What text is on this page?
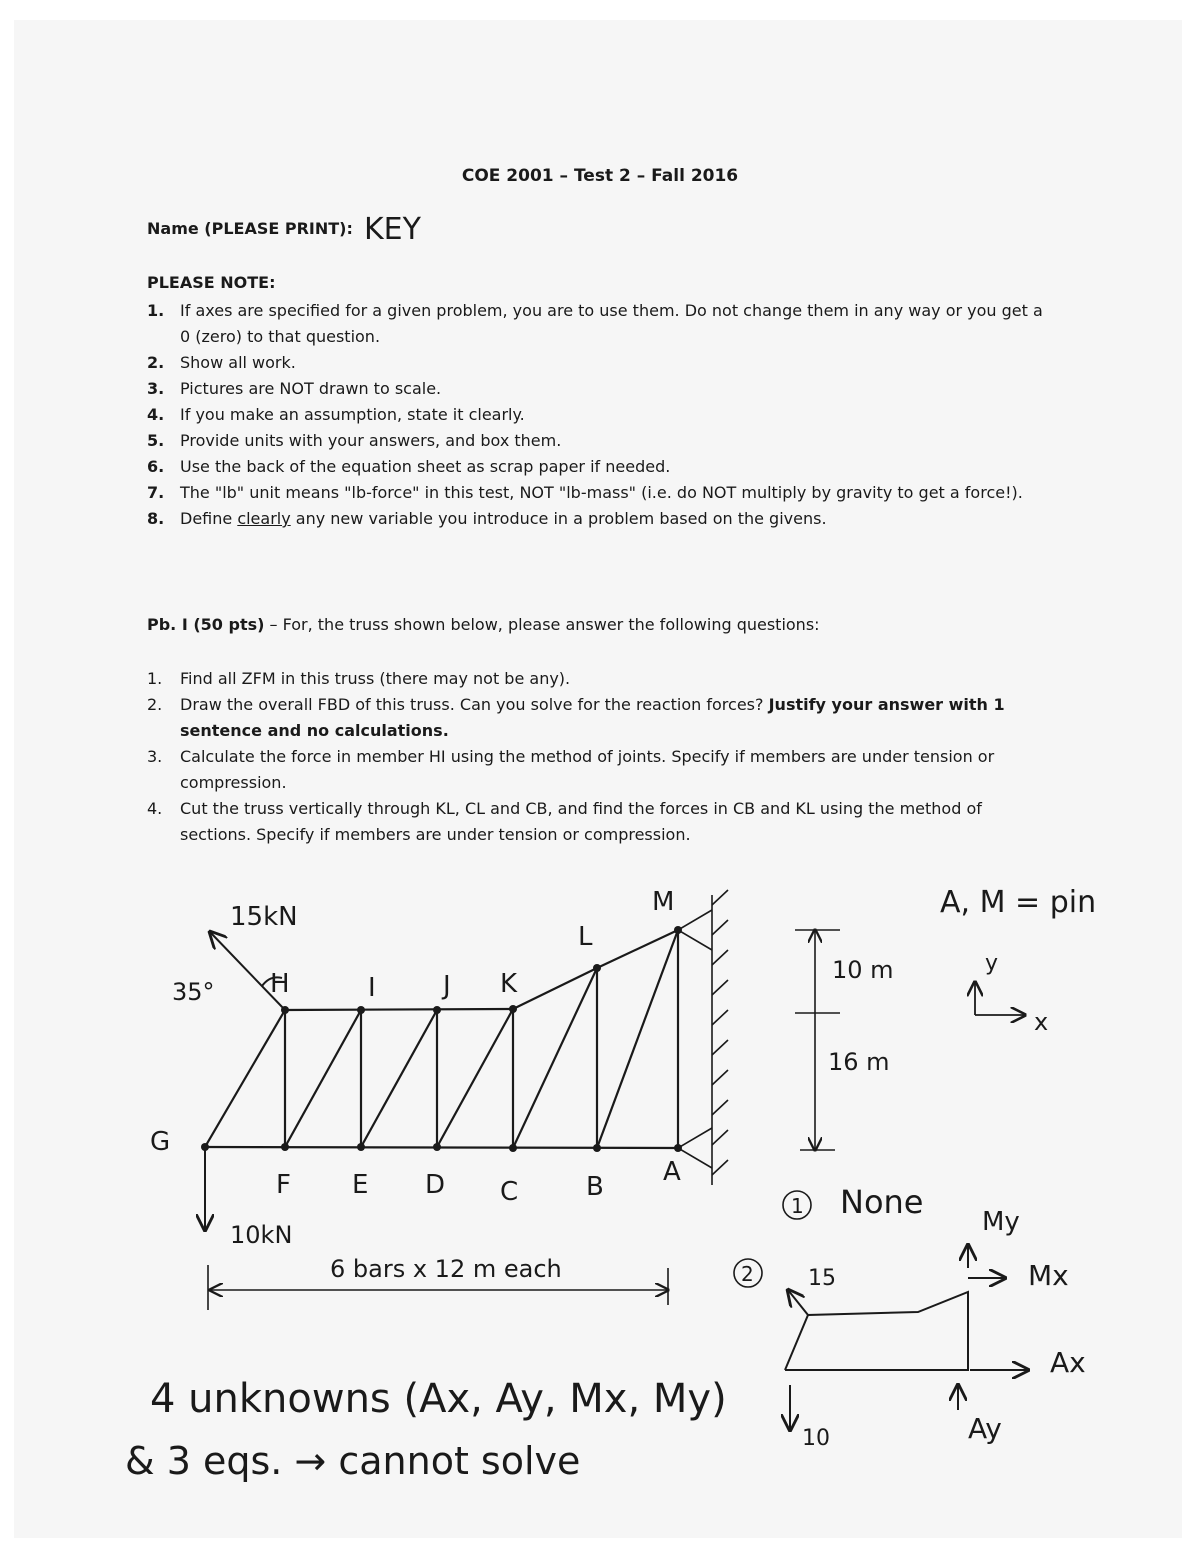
COE 2001 – Test 2 – Fall 2016
Name (PLEASE PRINT): KEY
PLEASE NOTE:
1. If axes are specified for a given problem, you are to use them. Do not change them in any way or you get a 0 (zero) to that question.
2. Show all work.
3. Pictures are NOT drawn to scale.
4. If you make an assumption, state it clearly.
5. Provide units with your answers, and box them.
6. Use the back of the equation sheet as scrap paper if needed.
7. The "lb" unit means "lb-force" in this test, NOT "lb-mass" (i.e. do NOT multiply by gravity to get a force!).
8. Define clearly any new variable you introduce in a problem based on the givens.
Pb. I (50 pts) – For, the truss shown below, please answer the following questions:
1. Find all ZFM in this truss (there may not be any).
2. Draw the overall FBD of this truss. Can you solve for the reaction forces? Justify your answer with 1 sentence and no calculations.
3. Calculate the force in member HI using the method of joints. Specify if members are under tension or compression.
4. Cut the truss vertically through KL, CL and CB, and find the forces in CB and KL using the method of sections. Specify if members are under tension or compression.
G
F E D C	B A
H	I	J K
L
M
15kN
35°
10kN
6 bars x 12 m each
10 m
16 m
A, M = pin
y
x
1 None
2 15
10
My
Mx
Ax
Ay
4 unknowns (Ax, Ay, Mx, My)
& 3 eqs. → cannot solve
